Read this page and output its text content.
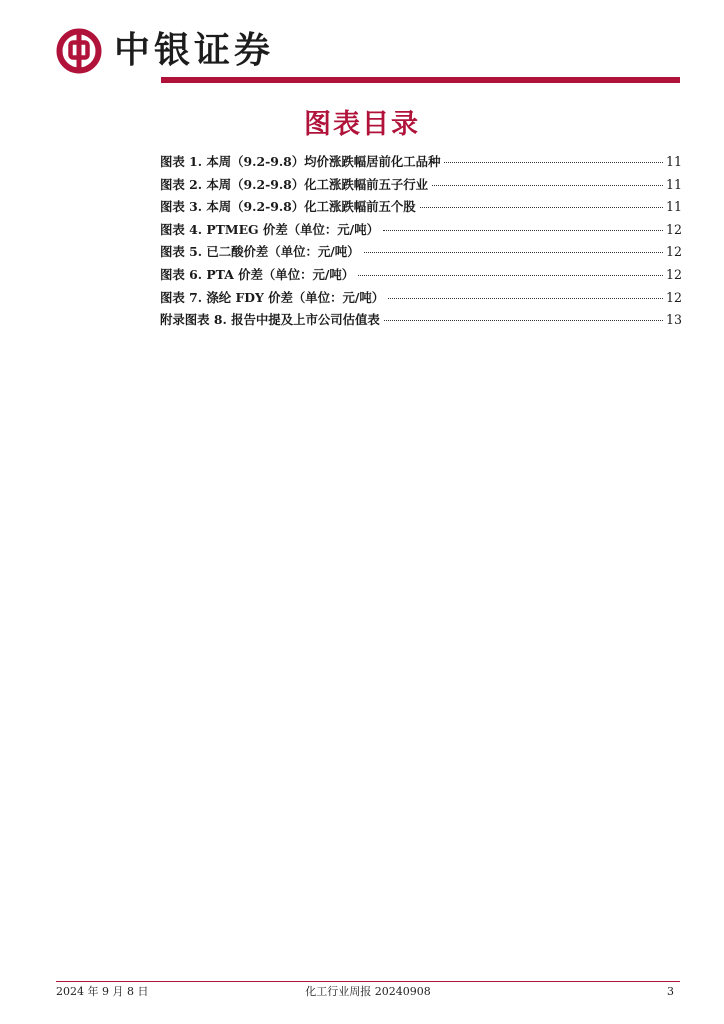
中银证券
图表目录
图表 1. 本周（9.2-9.8）均价涨跌幅居前化工品种	11
图表 2. 本周（9.2-9.8）化工涨跌幅前五子行业	11
图表 3. 本周（9.2-9.8）化工涨跌幅前五个股	11
图表 4. PTMEG 价差（单位：元/吨）	12
图表 5. 已二酸价差（单位：元/吨）	12
图表 6. PTA 价差（单位：元/吨）	12
图表 7. 涤纶 FDY 价差（单位：元/吨）	12
附录图表 8. 报告中提及上市公司估值表	13
2024 年 9 月 8 日	化工行业周报 20240908	3
